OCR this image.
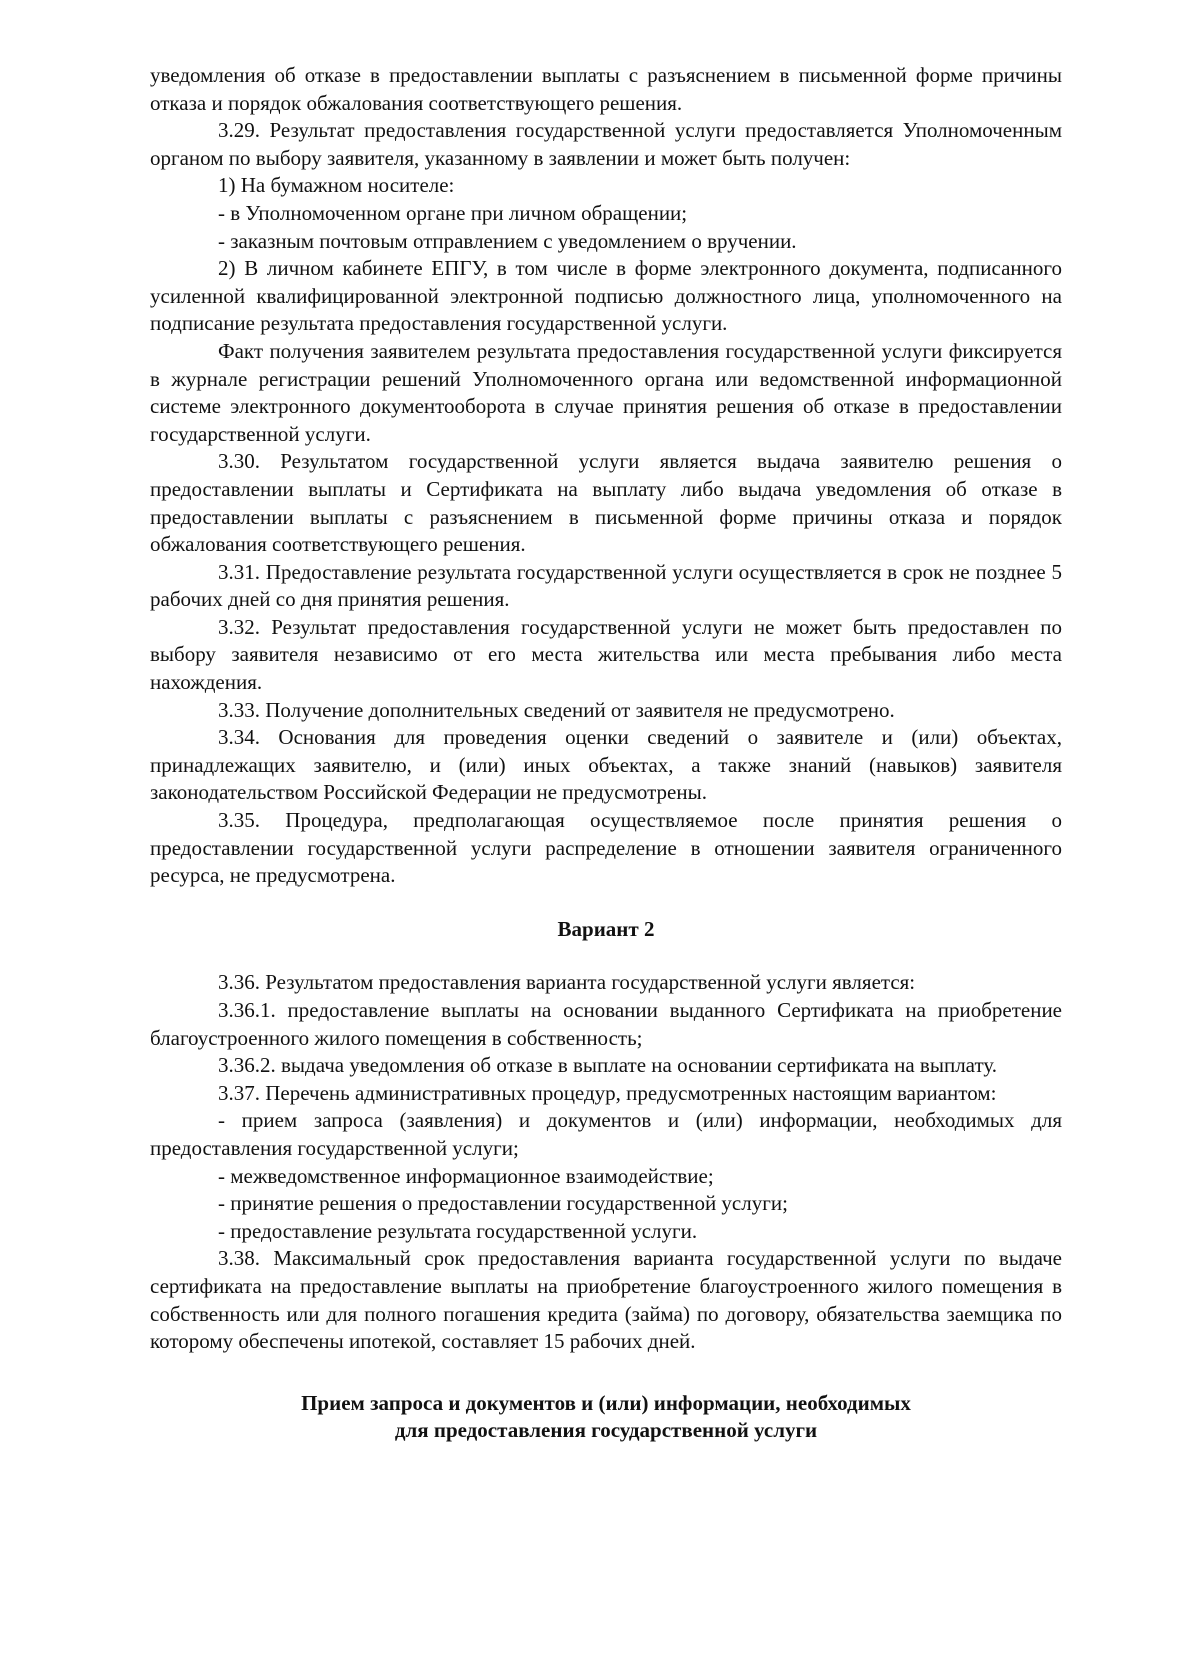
уведомления об отказе в предоставлении выплаты с разъяснением в письменной форме причины отказа и порядок обжалования соответствующего решения.

3.29. Результат предоставления государственной услуги предоставляется Уполномоченным органом по выбору заявителя, указанному в заявлении и может быть получен:

1) На бумажном носителе:

- в Уполномоченном органе при личном обращении;

- заказным почтовым отправлением с уведомлением о вручении.

2) В личном кабинете ЕПГУ, в том числе в форме электронного документа, подписанного усиленной квалифицированной электронной подписью должностного лица, уполномоченного на подписание результата предоставления государственной услуги.

Факт получения заявителем результата предоставления государственной услуги фиксируется в журнале регистрации решений Уполномоченного органа или ведомственной информационной системе электронного документооборота в случае принятия решения об отказе в предоставлении государственной услуги.

3.30. Результатом государственной услуги является выдача заявителю решения о предоставлении выплаты и Сертификата на выплату либо выдача уведомления об отказе в предоставлении выплаты с разъяснением в письменной форме причины отказа и порядок обжалования соответствующего решения.

3.31. Предоставление результата государственной услуги осуществляется в срок не позднее 5 рабочих дней со дня принятия решения.

3.32. Результат предоставления государственной услуги не может быть предоставлен по выбору заявителя независимо от его места жительства или места пребывания либо места нахождения.

3.33. Получение дополнительных сведений от заявителя не предусмотрено.

3.34. Основания для проведения оценки сведений о заявителе и (или) объектах, принадлежащих заявителю, и (или) иных объектах, а также знаний (навыков) заявителя законодательством Российской Федерации не предусмотрены.

3.35. Процедура, предполагающая осуществляемое после принятия решения о предоставлении государственной услуги распределение в отношении заявителя ограниченного ресурса, не предусмотрена.

Вариант 2

3.36. Результатом предоставления варианта государственной услуги является:

3.36.1. предоставление выплаты на основании выданного Сертификата на приобретение благоустроенного жилого помещения в собственность;

3.36.2. выдача уведомления об отказе в выплате на основании сертификата на выплату.

3.37. Перечень административных процедур, предусмотренных настоящим вариантом:

- прием запроса (заявления) и документов и (или) информации, необходимых для предоставления государственной услуги;

- межведомственное информационное взаимодействие;

- принятие решения о предоставлении государственной услуги;

- предоставление результата государственной услуги.

3.38. Максимальный срок предоставления варианта государственной услуги по выдаче сертификата на предоставление выплаты на приобретение благоустроенного жилого помещения в собственность или для полного погашения кредита (займа) по договору, обязательства заемщика по которому обеспечены ипотекой, составляет 15 рабочих дней.

Прием запроса и документов и (или) информации, необходимых

для предоставления государственной услуги
